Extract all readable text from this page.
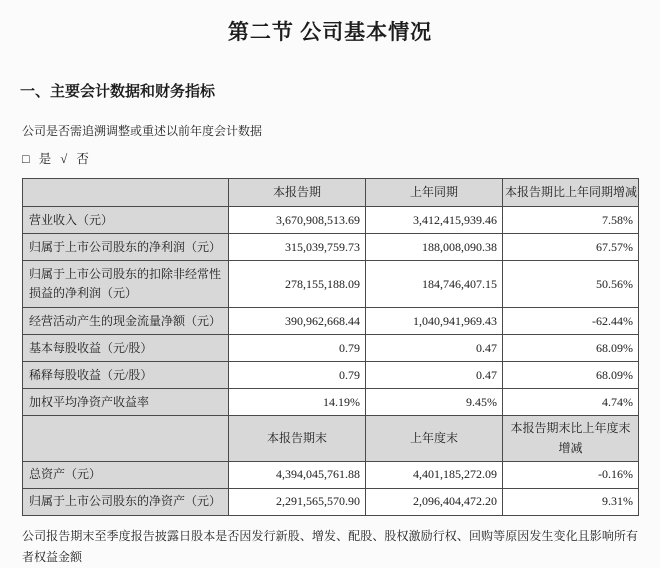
第二节 公司基本情况
一、主要会计数据和财务指标
公司是否需追溯调整或重述以前年度会计数据
□ 是 √ 否
	本报告期	上年同期	本报告期比上年同期增减
营业收入（元）	3,670,908,513.69	3,412,415,939.46	7.58%
归属于上市公司股东的净利润（元）	315,039,759.73	188,008,090.38	67.57%
归属于上市公司股东的扣除非经常性损益的净利润（元）	278,155,188.09	184,746,407.15	50.56%
经营活动产生的现金流量净额（元）	390,962,668.44	1,040,941,969.43	-62.44%
基本每股收益（元/股）	0.79	0.47	68.09%
稀释每股收益（元/股）	0.79	0.47	68.09%
加权平均净资产收益率	14.19%	9.45%	4.74%
	本报告期末	上年度末	本报告期末比上年度末增减
总资产（元）	4,394,045,761.88	4,401,185,272.09	-0.16%
归属于上市公司股东的净资产（元）	2,291,565,570.90	2,096,404,472.20	9.31%
公司报告期末至季度报告披露日股本是否因发行新股、增发、配股、股权激励行权、回购等原因发生变化且影响所有者权益金额
